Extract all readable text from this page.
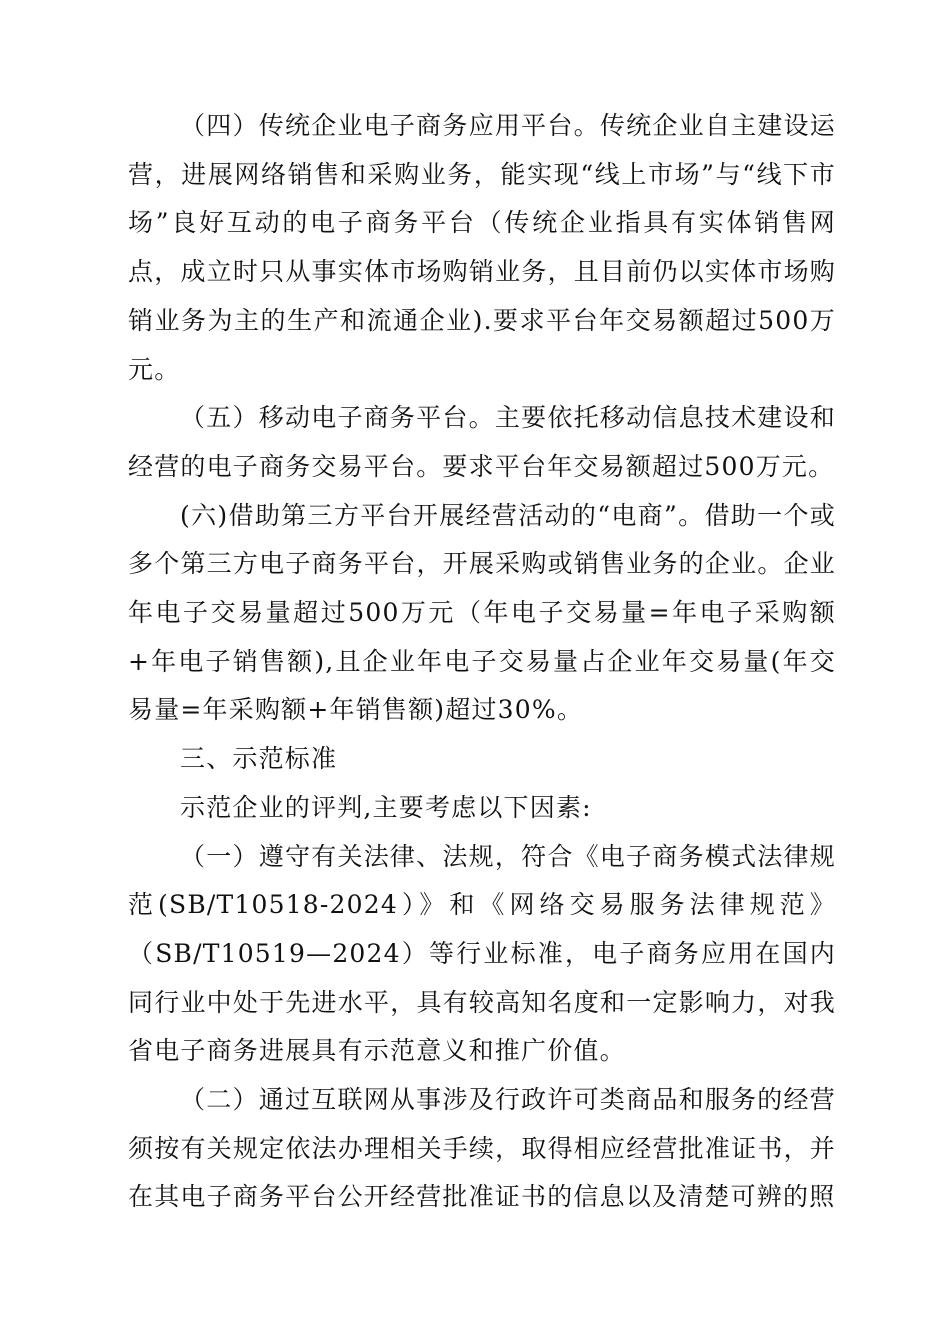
（四）传统企业电子商务应用平台。传统企业自主建设运营，进展网络销售和采购业务，能实现“线上市场”与“线下市场”良好互动的电子商务平台（传统企业指具有实体销售网点，成立时只从事实体市场购销业务，且目前仍以实体市场购销业务为主的生产和流通企业).要求平台年交易额超过500万元。

（五）移动电子商务平台。主要依托移动信息技术建设和经营的电子商务交易平台。要求平台年交易额超过500万元。

(六)借助第三方平台开展经营活动的“电商”。借助一个或多个第三方电子商务平台，开展采购或销售业务的企业。企业年电子交易量超过500万元（年电子交易量=年电子采购额+年电子销售额),且企业年电子交易量占企业年交易量(年交易量=年采购额+年销售额)超过30%。

三、示范标准

示范企业的评判,主要考虑以下因素:

（一）遵守有关法律、法规，符合《电子商务模式法律规范(SB/T10518-2024）》和《网络交易服务法律规范》（SB/T10519—2024）等行业标准，电子商务应用在国内同行业中处于先进水平，具有较高知名度和一定影响力，对我省电子商务进展具有示范意义和推广价值。

（二）通过互联网从事涉及行政许可类商品和服务的经营须按有关规定依法办理相关手续，取得相应经营批准证书，并在其电子商务平台公开经营批准证书的信息以及清楚可辨的照
